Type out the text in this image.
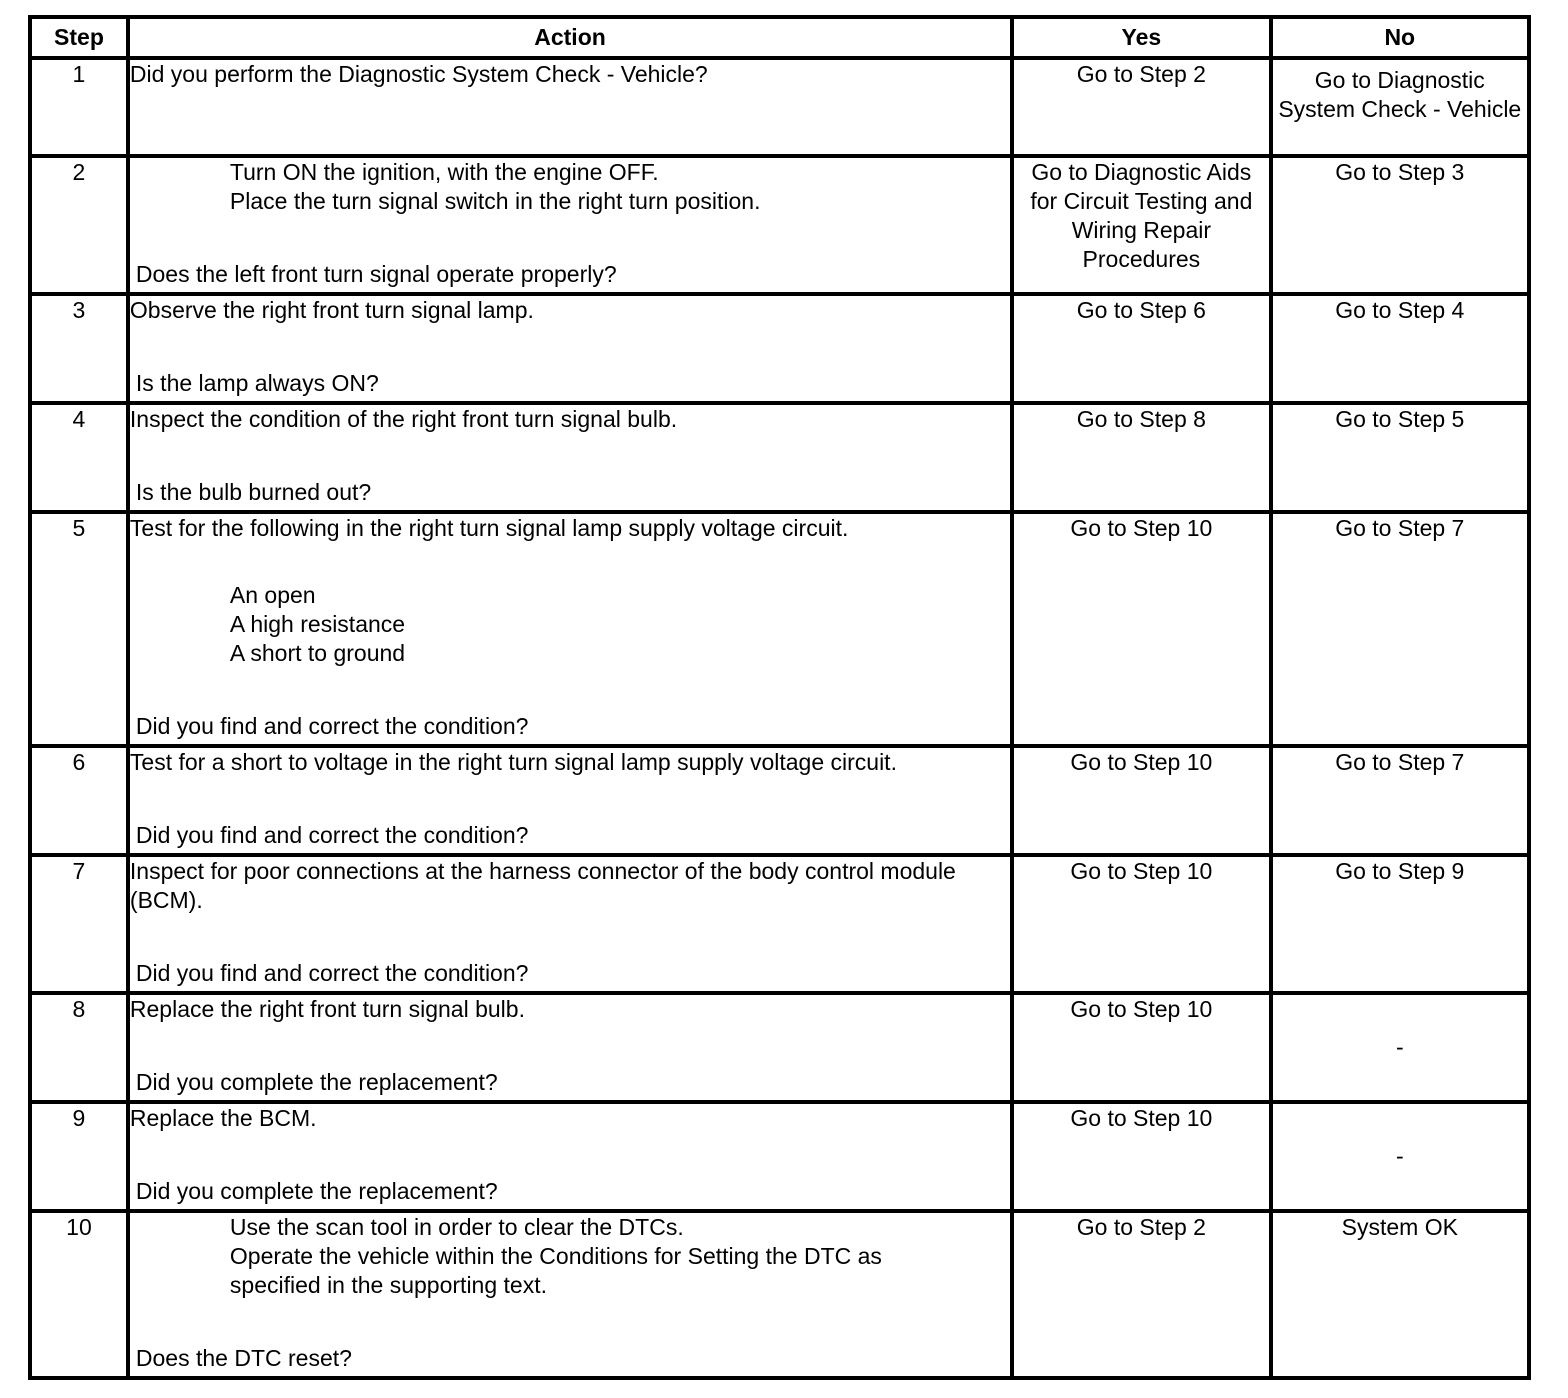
Step	Action	Yes	No
1	Did you perform the Diagnostic System Check - Vehicle?	Go to Step 2	Go to Diagnostic System Check - Vehicle
2	Turn ON the ignition, with the engine OFF.
Place the turn signal switch in the right turn position.
Does the left front turn signal operate properly?	Go to Diagnostic Aids for Circuit Testing and Wiring Repair Procedures	Go to Step 3
3	Observe the right front turn signal lamp.
Is the lamp always ON?	Go to Step 6	Go to Step 4
4	Inspect the condition of the right front turn signal bulb.
Is the bulb burned out?	Go to Step 8	Go to Step 5
5	Test for the following in the right turn signal lamp supply voltage circuit.
An open
A high resistance
A short to ground
Did you find and correct the condition?	Go to Step 10	Go to Step 7
6	Test for a short to voltage in the right turn signal lamp supply voltage circuit.
Did you find and correct the condition?	Go to Step 10	Go to Step 7
7	Inspect for poor connections at the harness connector of the body control module (BCM).
Did you find and correct the condition?	Go to Step 10	Go to Step 9
8	Replace the right front turn signal bulb.
Did you complete the replacement?	Go to Step 10	-
9	Replace the BCM.
Did you complete the replacement?	Go to Step 10	-
10	Use the scan tool in order to clear the DTCs.
Operate the vehicle within the Conditions for Setting the DTC as specified in the supporting text.
Does the DTC reset?	Go to Step 2	System OK
